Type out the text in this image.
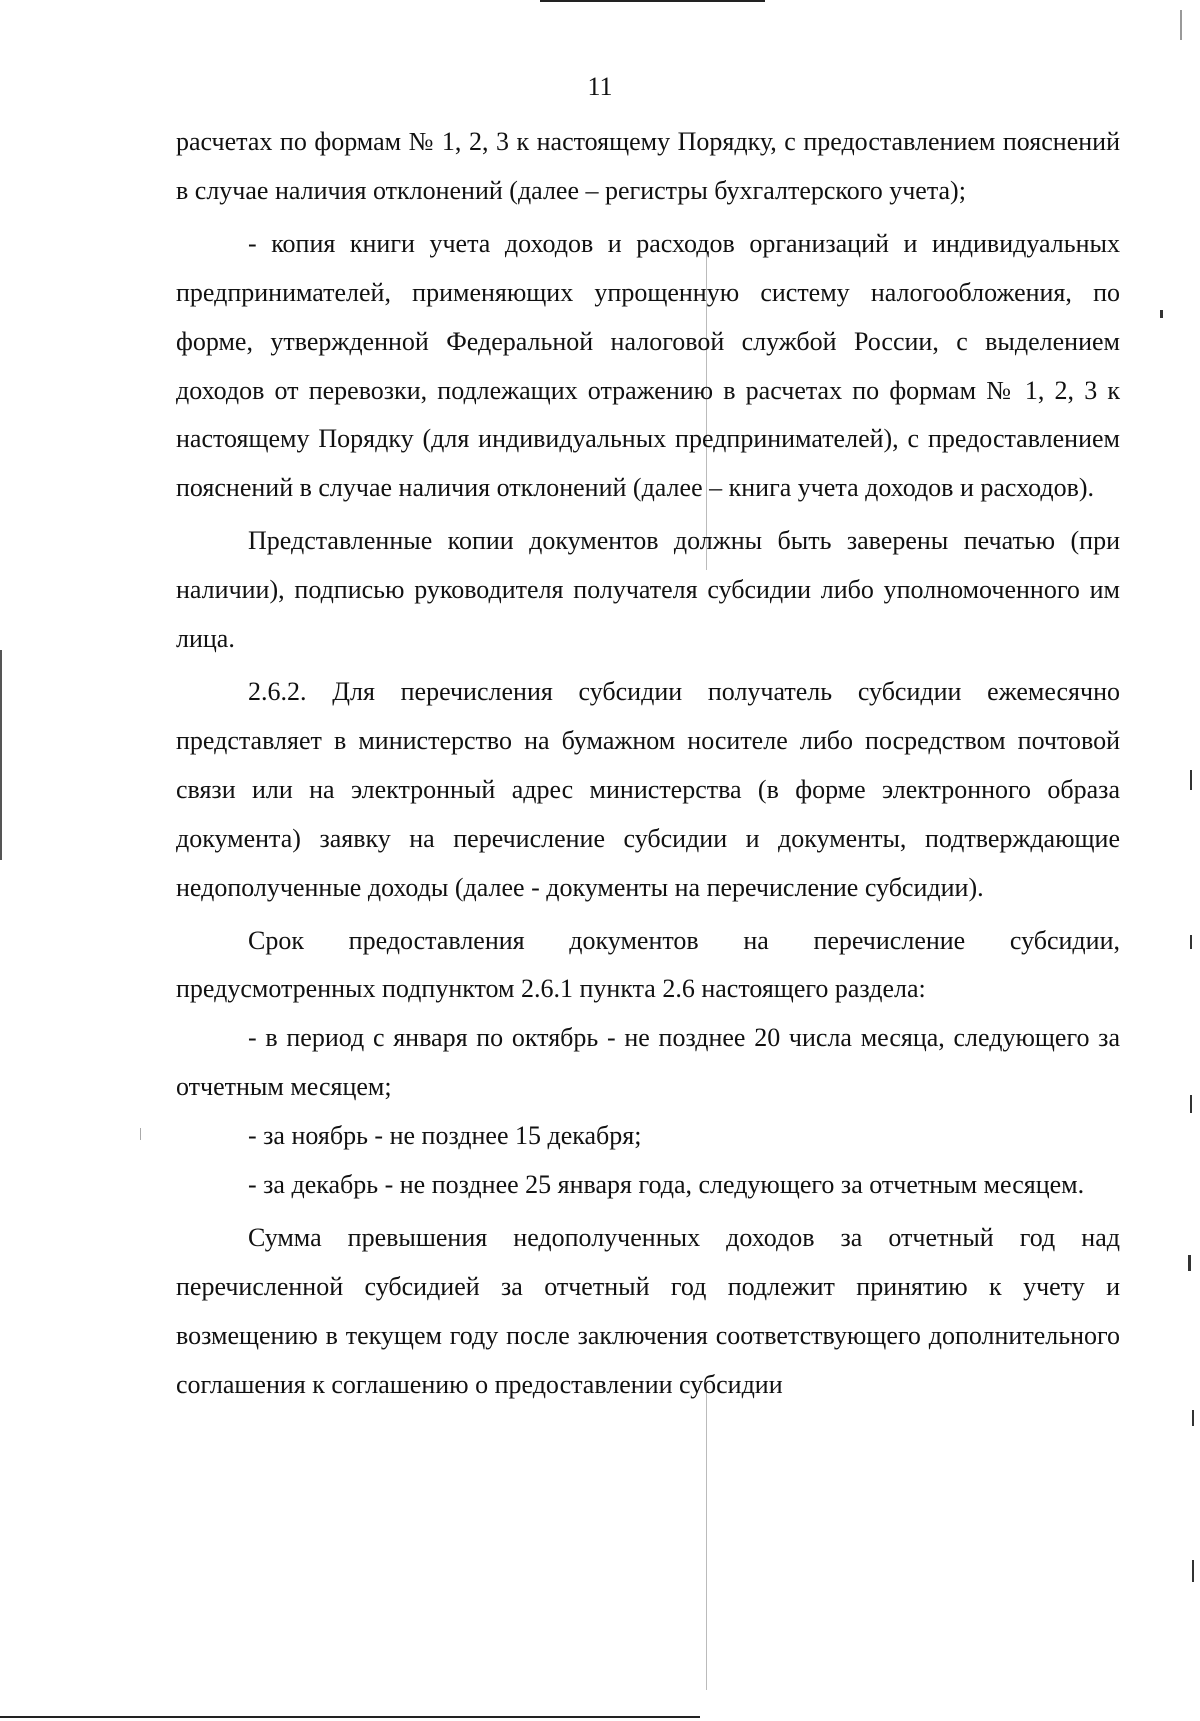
11

расчетах по формам № 1, 2, 3 к настоящему Порядку, с предоставлением пояснений в случае наличия отклонений (далее – регистры бухгалтерского учета);

- копия книги учета доходов и расходов организаций и индивидуальных предпринимателей, применяющих упрощенную систему налогообложения, по форме, утвержденной Федеральной налоговой службой России, с выделением доходов от перевозки, подлежащих отражению в расчетах по формам № 1, 2, 3 к настоящему Порядку (для индивидуальных предпринимателей), с предоставлением пояснений в случае наличия отклонений (далее – книга учета доходов и расходов).

Представленные копии документов должны быть заверены печатью (при наличии), подписью руководителя получателя субсидии либо уполномоченного им лица.

2.6.2. Для перечисления субсидии получатель субсидии ежемесячно представляет в министерство на бумажном носителе либо посредством почтовой связи или на электронный адрес министерства (в форме электронного образа документа) заявку на перечисление субсидии и документы, подтверждающие недополученные доходы (далее - документы на перечисление субсидии).

Срок предоставления документов на перечисление субсидии, предусмотренных подпунктом 2.6.1 пункта 2.6 настоящего раздела:

- в период с января по октябрь - не позднее 20 числа месяца, следующего за отчетным месяцем;

- за ноябрь - не позднее 15 декабря;

- за декабрь - не позднее 25 января года, следующего за отчетным месяцем.

Сумма превышения недополученных доходов за отчетный год над перечисленной субсидией за отчетный год подлежит принятию к учету и возмещению в текущем году после заключения соответствующего дополнительного соглашения к соглашению о предоставлении субсидии
